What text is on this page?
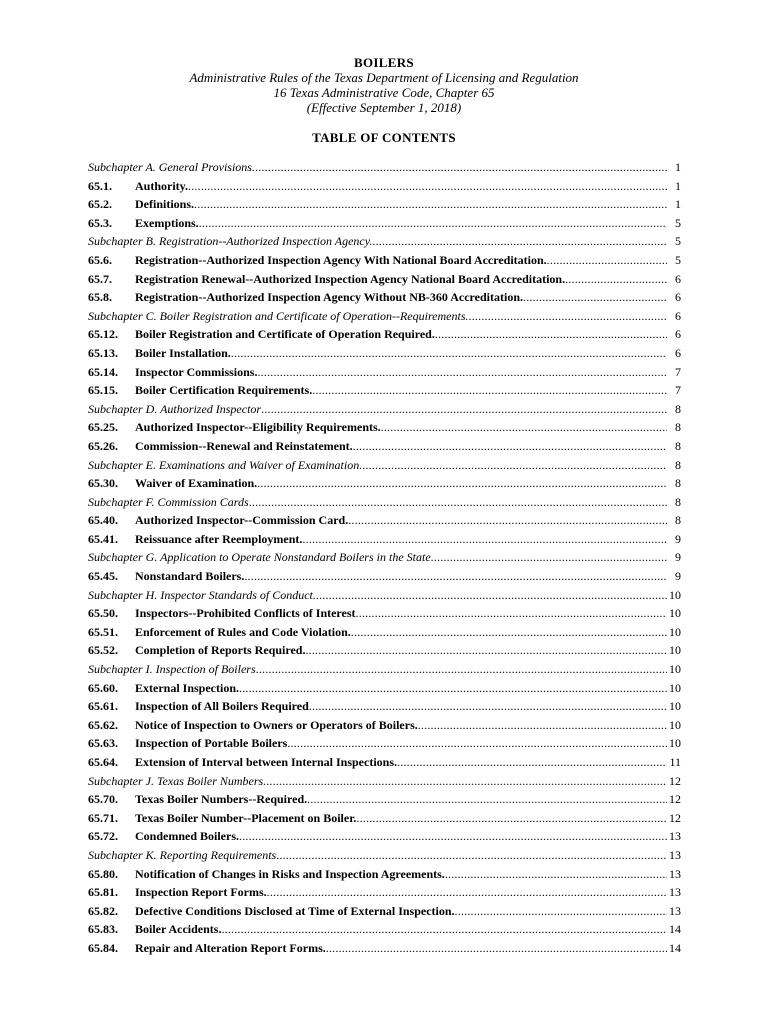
BOILERS
Administrative Rules of the Texas Department of Licensing and Regulation
16 Texas Administrative Code, Chapter 65
(Effective September 1, 2018)
TABLE OF CONTENTS
Subchapter A. General Provisions. .....	1
65.1. Authority. .....	1
65.2. Definitions. .....	1
65.3. Exemptions. .....	5
Subchapter B. Registration--Authorized Inspection Agency. .....	5
65.6. Registration--Authorized Inspection Agency With National Board Accreditation. .....	5
65.7. Registration Renewal--Authorized Inspection Agency National Board Accreditation. .....	6
65.8. Registration--Authorized Inspection Agency Without NB-360 Accreditation. .....	6
Subchapter C. Boiler Registration and Certificate of Operation--Requirements. .....	6
65.12. Boiler Registration and Certificate of Operation Required. .....	6
65.13. Boiler Installation. .....	6
65.14. Inspector Commissions. .....	7
65.15. Boiler Certification Requirements. .....	7
Subchapter D. Authorized Inspector .....	8
65.25. Authorized Inspector--Eligibility Requirements. .....	8
65.26. Commission--Renewal and Reinstatement. .....	8
Subchapter E. Examinations and Waiver of Examination. .....	8
65.30. Waiver of Examination. .....	8
Subchapter F. Commission Cards .....	8
65.40. Authorized Inspector--Commission Card. .....	8
65.41. Reissuance after Reemployment. .....	9
Subchapter G. Application to Operate Nonstandard Boilers in the State .....	9
65.45. Nonstandard Boilers. .....	9
Subchapter H. Inspector Standards of Conduct. .....	10
65.50. Inspectors--Prohibited Conflicts of Interest .....	10
65.51. Enforcement of Rules and Code Violation. .....	10
65.52. Completion of Reports Required. .....	10
Subchapter I. Inspection of Boilers .....	10
65.60. External Inspection. .....	10
65.61. Inspection of All Boilers Required .....	10
65.62. Notice of Inspection to Owners or Operators of Boilers. .....	10
65.63. Inspection of Portable Boilers .....	10
65.64. Extension of Interval between Internal Inspections. .....	11
Subchapter J. Texas Boiler Numbers. .....	12
65.70. Texas Boiler Numbers--Required. .....	12
65.71. Texas Boiler Number--Placement on Boiler. .....	12
65.72. Condemned Boilers. .....	13
Subchapter K. Reporting Requirements .....	13
65.80. Notification of Changes in Risks and Inspection Agreements. .....	13
65.81. Inspection Report Forms. .....	13
65.82. Defective Conditions Disclosed at Time of External Inspection. .....	13
65.83. Boiler Accidents. .....	14
65.84. Repair and Alteration Report Forms. .....	14
